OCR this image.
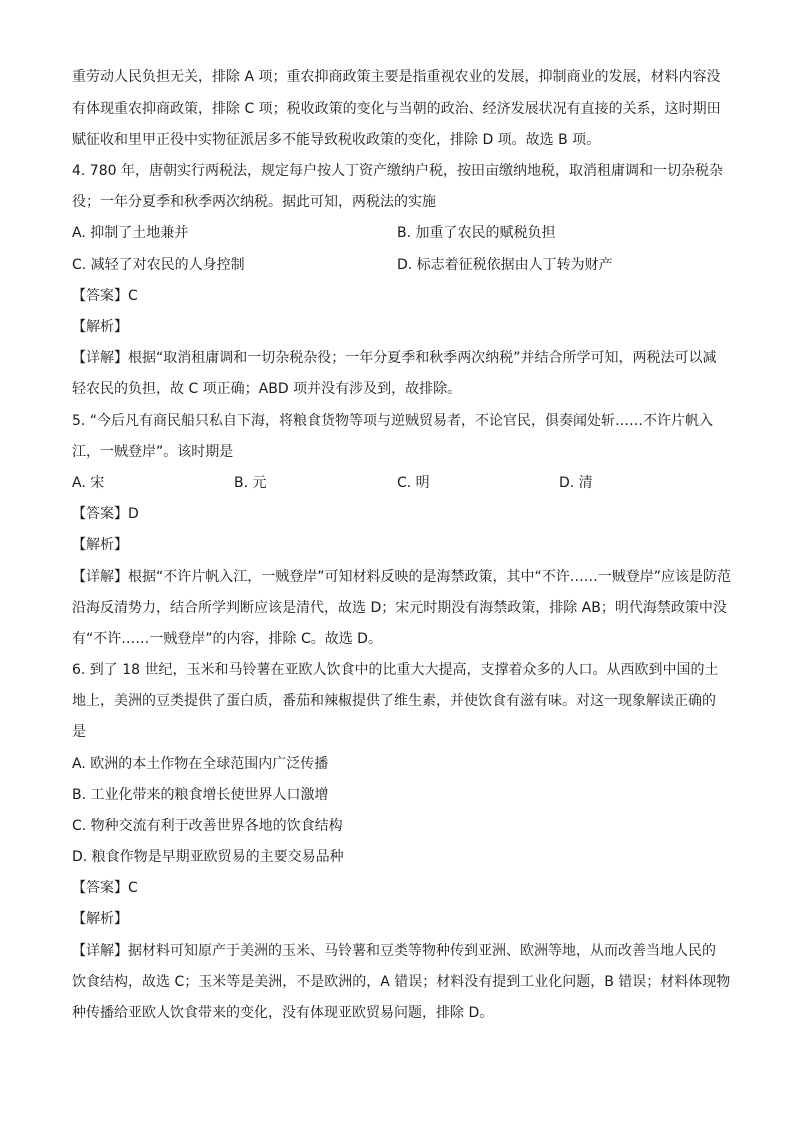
重劳动人民负担无关，排除 A 项；重农抑商政策主要是指重视农业的发展，抑制商业的发展，材料内容没
有体现重农抑商政策，排除 C 项；税收政策的变化与当朝的政治、经济发展状况有直接的关系，这时期田
赋征收和里甲正役中实物征派居多不能导致税收政策的变化，排除 D 项。故选 B 项。
4. 780 年，唐朝实行两税法，规定每户按人丁资产缴纳户税，按田亩缴纳地税，取消租庸调和一切杂税杂
役；一年分夏季和秋季两次纳税。据此可知，两税法的实施
A. 抑制了土地兼并	B. 加重了农民的赋税负担
C. 减轻了对农民的人身控制	D. 标志着征税依据由人丁转为财产
【答案】C
【解析】
【详解】根据“取消租庸调和一切杂税杂役；一年分夏季和秋季两次纳税”并结合所学可知，两税法可以减
轻农民的负担，故 C 项正确；ABD 项并没有涉及到，故排除。
5. “今后凡有商民船只私自下海，将粮食货物等项与逆贼贸易者，不论官民，俱奏闻处斩……不许片帆入
江，一贼登岸”。该时期是
A. 宋	B. 元	C. 明	D. 清
【答案】D
【解析】
【详解】根据“不许片帆入江，一贼登岸”可知材料反映的是海禁政策，其中“不许……一贼登岸”应该是防范
沿海反清势力，结合所学判断应该是清代，故选 D；宋元时期没有海禁政策，排除 AB；明代海禁政策中没
有“不许……一贼登岸”的内容，排除 C。故选 D。
6. 到了 18 世纪，玉米和马铃薯在亚欧人饮食中的比重大大提高，支撑着众多的人口。从西欧到中国的土
地上，美洲的豆类提供了蛋白质，番茄和辣椒提供了维生素，并使饮食有滋有味。对这一现象解读正确的
是
A. 欧洲的本土作物在全球范围内广泛传播
B. 工业化带来的粮食增长使世界人口激增
C. 物种交流有利于改善世界各地的饮食结构
D. 粮食作物是早期亚欧贸易的主要交易品种
【答案】C
【解析】
【详解】据材料可知原产于美洲的玉米、马铃薯和豆类等物种传到亚洲、欧洲等地，从而改善当地人民的
饮食结构，故选 C；玉米等是美洲，不是欧洲的，A 错误；材料没有提到工业化问题，B 错误；材料体现物
种传播给亚欧人饮食带来的变化，没有体现亚欧贸易问题，排除 D。
